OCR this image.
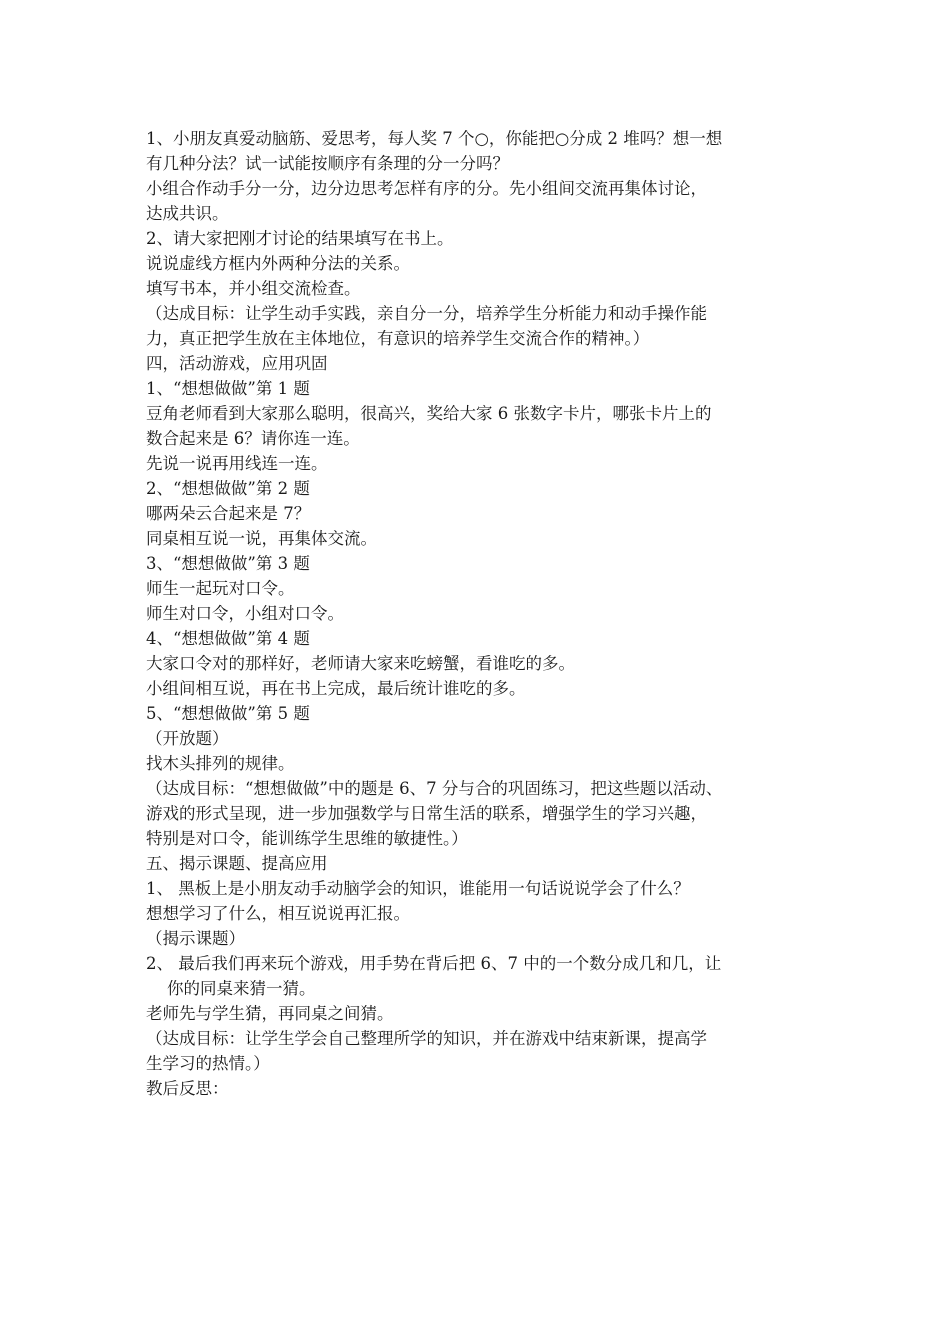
1、小朋友真爱动脑筋、爱思考，每人奖 7 个○，你能把○分成 2 堆吗？想一想

有几种分法？试一试能按顺序有条理的分一分吗？

小组合作动手分一分，边分边思考怎样有序的分。先小组间交流再集体讨论，

达成共识。

2、请大家把刚才讨论的结果填写在书上。

说说虚线方框内外两种分法的关系。

填写书本，并小组交流检查。

（达成目标：让学生动手实践，亲自分一分，培养学生分析能力和动手操作能

力，真正把学生放在主体地位，有意识的培养学生交流合作的精神。）

四，活动游戏，应用巩固

1、“想想做做”第 1 题

豆角老师看到大家那么聪明，很高兴，奖给大家 6 张数字卡片，哪张卡片上的

数合起来是 6？请你连一连。

先说一说再用线连一连。

2、“想想做做”第 2 题

哪两朵云合起来是 7？

同桌相互说一说，再集体交流。

3、“想想做做”第 3 题

师生一起玩对口令。

师生对口令，小组对口令。

4、“想想做做”第 4 题

大家口令对的那样好，老师请大家来吃螃蟹，看谁吃的多。

小组间相互说，再在书上完成，最后统计谁吃的多。

5、“想想做做”第 5 题

（开放题）

找木头排列的规律。

（达成目标：“想想做做”中的题是 6、7 分与合的巩固练习，把这些题以活动、

游戏的形式呈现，进一步加强数学与日常生活的联系，增强学生的学习兴趣，

特别是对口令，能训练学生思维的敏捷性。）

五、揭示课题、提高应用

1、 黑板上是小朋友动手动脑学会的知识，谁能用一句话说说学会了什么？

想想学习了什么，相互说说再汇报。

（揭示课题）

2、 最后我们再来玩个游戏，用手势在背后把 6、7 中的一个数分成几和几，让

你的同桌来猜一猜。

老师先与学生猜，再同桌之间猜。

（达成目标：让学生学会自己整理所学的知识，并在游戏中结束新课，提高学

生学习的热情。）

教后反思：
